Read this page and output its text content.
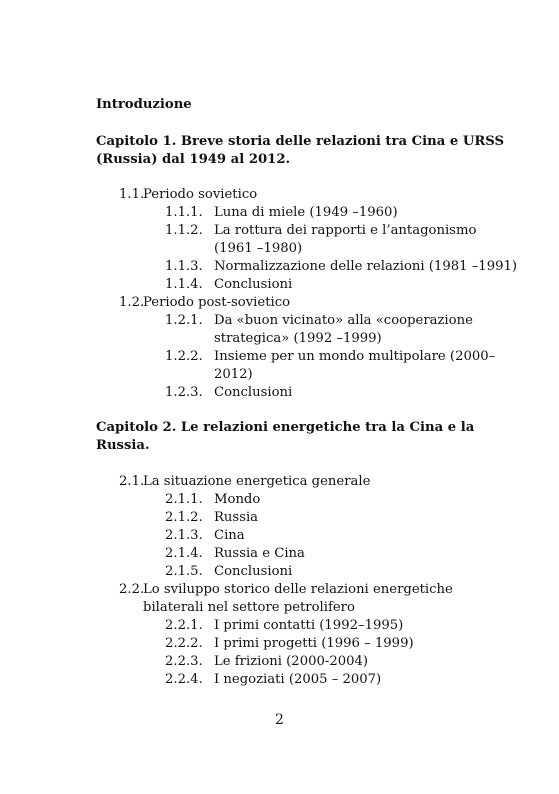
Introduzione
Capitolo 1. Breve storia delle relazioni tra Cina e URSS
(Russia) dal 1949 al 2012.
1.1.
Periodo sovietico
1.1.1. Luna di miele (1949 –1960)
1.1.2. La rottura dei rapporti e l’antagonismo
(1961 –1980)
1.1.3. Normalizzazione delle relazioni (1981 –1991)
1.1.4. Conclusioni
1.2.
Periodo post-sovietico
1.2.1. Da «buon vicinato» alla «cooperazione
strategica» (1992 –1999)
1.2.2. Insieme per un mondo multipolare (2000–
2012)
1.2.3. Conclusioni
Capitolo 2. Le relazioni energetiche tra la Cina e la
Russia.
2.1.
La situazione energetica generale
2.1.1. Mondo
2.1.2. Russia
2.1.3. Cina
2.1.4. Russia e Cina
2.1.5. Conclusioni
2.2.
Lo sviluppo storico delle relazioni energetiche
bilaterali nel settore petrolifero
2.2.1. I primi contatti (1992–1995)
2.2.2. I primi progetti (1996 – 1999)
2.2.3. Le frizioni (2000-2004)
2.2.4. I negoziati (2005 – 2007)
2
